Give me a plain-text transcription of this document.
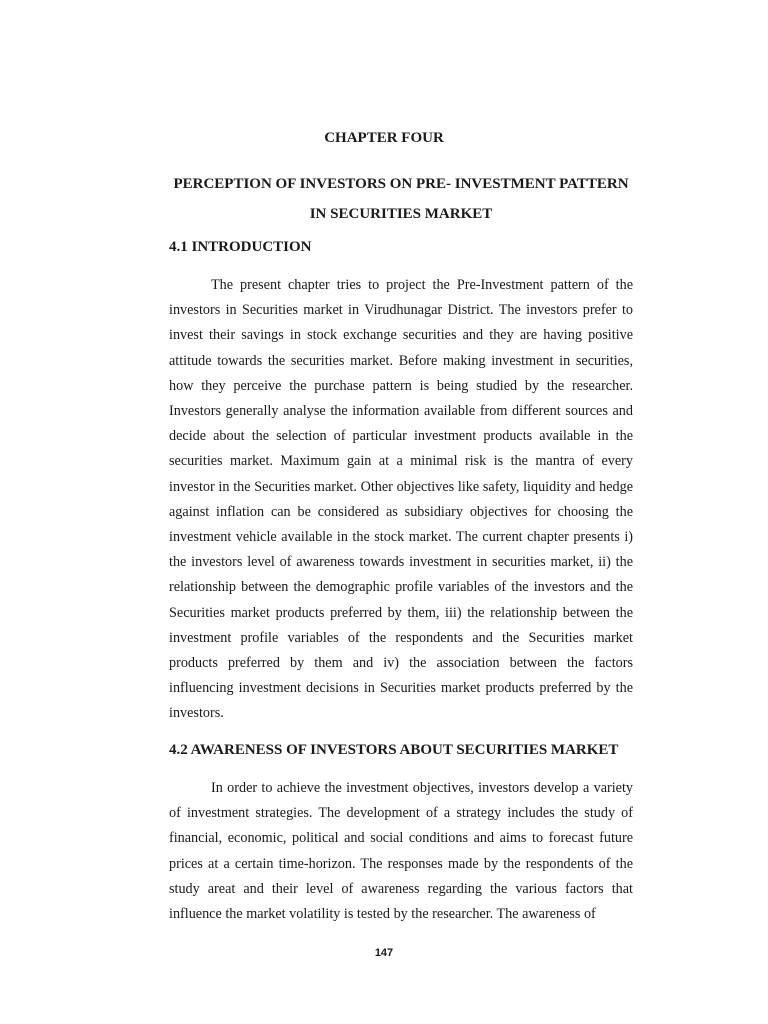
CHAPTER FOUR
PERCEPTION OF INVESTORS ON PRE- INVESTMENT PATTERN IN SECURITIES MARKET
4.1 INTRODUCTION

The present chapter tries to project the Pre-Investment pattern of the investors in Securities market in Virudhunagar District. The investors prefer to invest their savings in stock exchange securities and they are having positive attitude towards the securities market. Before making investment in securities, how they perceive the purchase pattern is being studied by the researcher. Investors generally analyse the information available from different sources and decide about the selection of particular investment products available in the securities market. Maximum gain at a minimal risk is the mantra of every investor in the Securities market. Other objectives like safety, liquidity and hedge against inflation can be considered as subsidiary objectives for choosing the investment vehicle available in the stock market. The current chapter presents i) the investors level of awareness towards investment in securities market, ii) the relationship between the demographic profile variables of the investors and the Securities market products preferred by them, iii) the relationship between the investment profile variables of the respondents and the Securities market products preferred by them and iv) the association between the factors influencing investment decisions in Securities market products preferred by the investors.

4.2 AWARENESS OF INVESTORS ABOUT SECURITIES MARKET

In order to achieve the investment objectives, investors develop a variety of investment strategies. The development of a strategy includes the study of financial, economic, political and social conditions and aims to forecast future prices at a certain time-horizon. The responses made by the respondents of the study areat and their level of awareness regarding the various factors that influence the market volatility is tested by the researcher. The awareness of

147
